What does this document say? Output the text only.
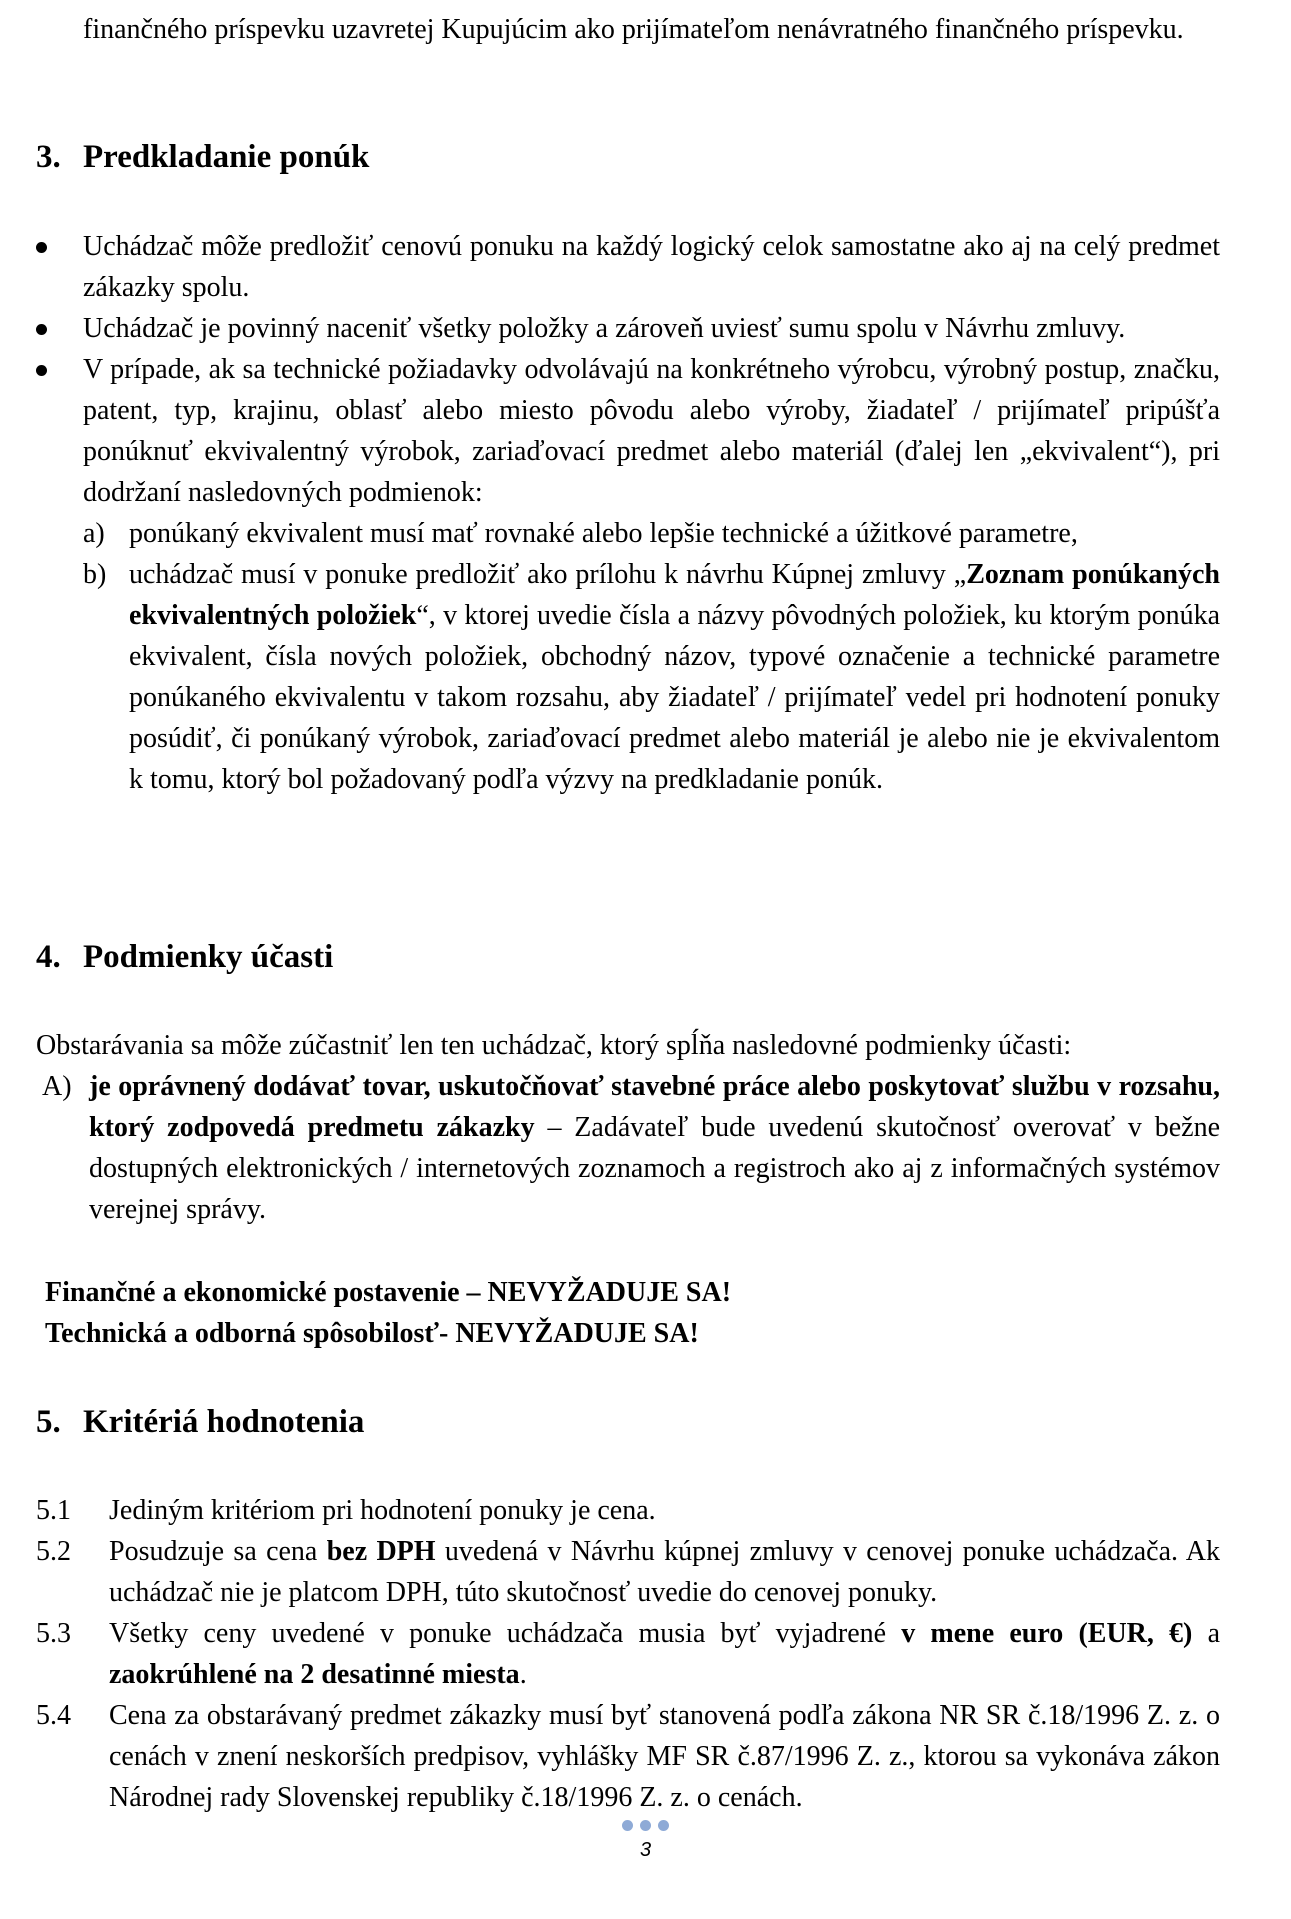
finančného príspevku uzavretej Kupujúcim ako prijímateľom nenávratného finančného príspevku.
3. Predkladanie ponúk
Uchádzač môže predložiť cenovú ponuku na každý logický celok samostatne ako aj na celý predmet zákazky spolu.
Uchádzač je povinný naceniť všetky položky a zároveň uviesť sumu spolu v Návrhu zmluvy.
V prípade, ak sa technické požiadavky odvolávajú na konkrétneho výrobcu, výrobný postup, značku, patent, typ, krajinu, oblasť alebo miesto pôvodu alebo výroby, žiadateľ / prijímateľ pripúšťa ponúknuť ekvivalentný výrobok, zariaďovací predmet alebo materiál (ďalej len „ekvivalent“), pri dodržaní nasledovných podmienok:
a) ponúkaný ekvivalent musí mať rovnaké alebo lepšie technické a úžitkové parametre,
b) uchádzač musí v ponuke predložiť ako prílohu k návrhu Kúpnej zmluvy „Zoznam ponúkaných ekvivalentných položiek“, v ktorej uvedie čísla a názvy pôvodných položiek, ku ktorým ponúka ekvivalent, čísla nových položiek, obchodný názov, typové označenie a technické parametre ponúkaného ekvivalentu v takom rozsahu, aby žiadateľ / prijímateľ vedel pri hodnotení ponuky posúdiť, či ponúkaný výrobok, zariaďovací predmet alebo materiál je alebo nie je ekvivalentom k tomu, ktorý bol požadovaný podľa výzvy na predkladanie ponúk.
4. Podmienky účasti
Obstarávania sa môže zúčastniť len ten uchádzač, ktorý spĺňa nasledovné podmienky účasti:
A) je oprávnený dodávať tovar, uskutočňovať stavebné práce alebo poskytovať službu v rozsahu, ktorý zodpovedá predmetu zákazky – Zadávateľ bude uvedenú skutočnosť overovať v bežne dostupných elektronických / internetových zoznamoch a registroch ako aj z informačných systémov verejnej správy.
Finančné a ekonomické postavenie – NEVYŽADUJE SA!
Technická a odborná spôsobilosť- NEVYŽADUJE SA!
5. Kritériá hodnotenia
5.1 Jediným kritériom pri hodnotení ponuky je cena.
5.2 Posudzuje sa cena bez DPH uvedená v Návrhu kúpnej zmluvy v cenovej ponuke uchádzača. Ak uchádzač nie je platcom DPH, túto skutočnosť uvedie do cenovej ponuky.
5.3 Všetky ceny uvedené v ponuke uchádzača musia byť vyjadrené v mene euro (EUR, €) a zaokrúhlené na 2 desatinné miesta.
5.4 Cena za obstarávaný predmet zákazky musí byť stanovená podľa zákona NR SR č.18/1996 Z. z. o cenách v znení neskorších predpisov, vyhlášky MF SR č.87/1996 Z. z., ktorou sa vykonáva zákon Národnej rady Slovenskej republiky č.18/1996 Z. z. o cenách.
3
